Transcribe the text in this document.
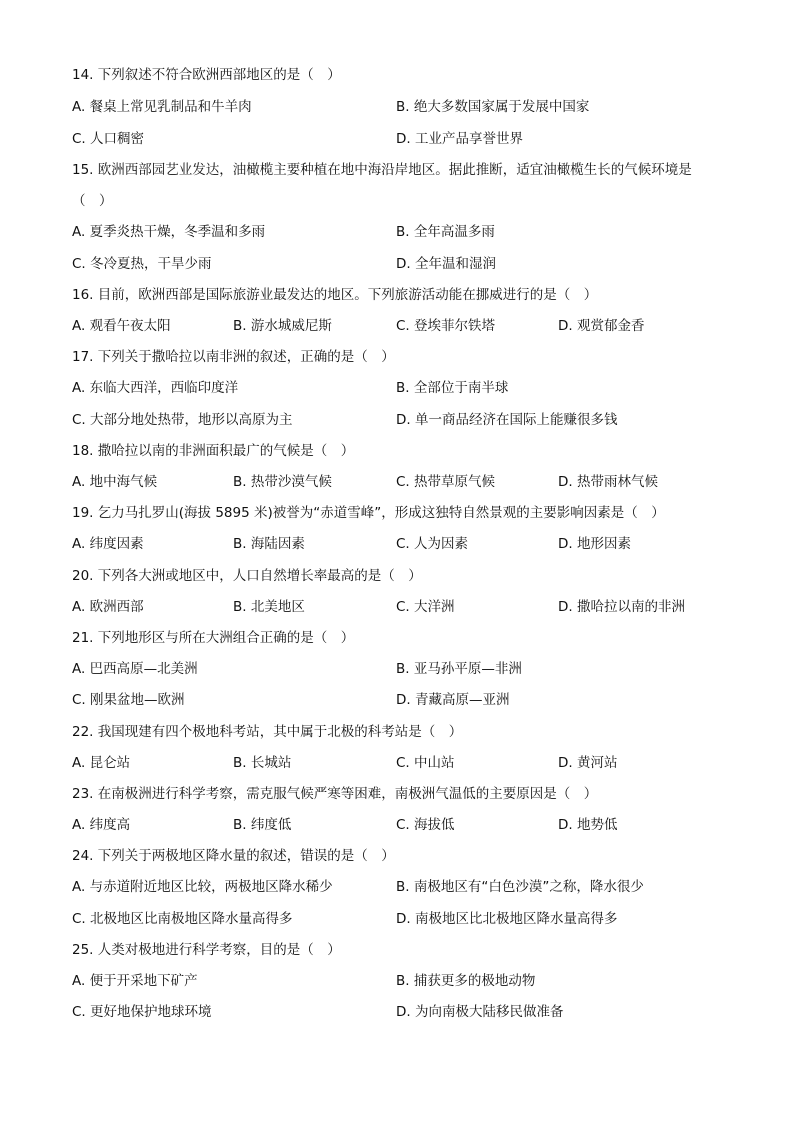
14. 下列叙述不符合欧洲西部地区的是（　）
A. 餐桌上常见乳制品和牛羊肉	B. 绝大多数国家属于发展中国家
C. 人口稠密	D. 工业产品享誉世界
15. 欧洲西部园艺业发达，油橄榄主要种植在地中海沿岸地区。据此推断，适宜油橄榄生长的气候环境是
（　）
A. 夏季炎热干燥，冬季温和多雨	B. 全年高温多雨
C. 冬冷夏热，干旱少雨	D. 全年温和湿润
16. 目前，欧洲西部是国际旅游业最发达的地区。下列旅游活动能在挪威进行的是（　）
A. 观看午夜太阳	B. 游水城威尼斯	C. 登埃菲尔铁塔	D. 观赏郁金香
17. 下列关于撒哈拉以南非洲的叙述，正确的是（　）
A. 东临大西洋，西临印度洋	B. 全部位于南半球
C. 大部分地处热带，地形以高原为主	D. 单一商品经济在国际上能赚很多钱
18. 撒哈拉以南的非洲面积最广的气候是（　）
A. 地中海气候	B. 热带沙漠气候	C. 热带草原气候	D. 热带雨林气候
19. 乞力马扎罗山(海拔 5895 米)被誉为“赤道雪峰”，形成这独特自然景观的主要影响因素是（　）
A. 纬度因素	B. 海陆因素	C. 人为因素	D. 地形因素
20. 下列各大洲或地区中，人口自然增长率最高的是（　）
A. 欧洲西部	B. 北美地区	C. 大洋洲	D. 撒哈拉以南的非洲
21. 下列地形区与所在大洲组合正确的是（　）
A. 巴西高原—北美洲	B. 亚马孙平原—非洲
C. 刚果盆地—欧洲	D. 青藏高原—亚洲
22. 我国现建有四个极地科考站，其中属于北极的科考站是（　）
A. 昆仑站	B. 长城站	C. 中山站	D. 黄河站
23. 在南极洲进行科学考察，需克服气候严寒等困难，南极洲气温低的主要原因是（　）
A. 纬度高	B. 纬度低	C. 海拔低	D. 地势低
24. 下列关于两极地区降水量的叙述，错误的是（　）
A. 与赤道附近地区比较，两极地区降水稀少	B. 南极地区有“白色沙漠”之称，降水很少
C. 北极地区比南极地区降水量高得多	D. 南极地区比北极地区降水量高得多
25. 人类对极地进行科学考察，目的是（　）
A. 便于开采地下矿产	B. 捕获更多的极地动物
C. 更好地保护地球环境	D. 为向南极大陆移民做准备
